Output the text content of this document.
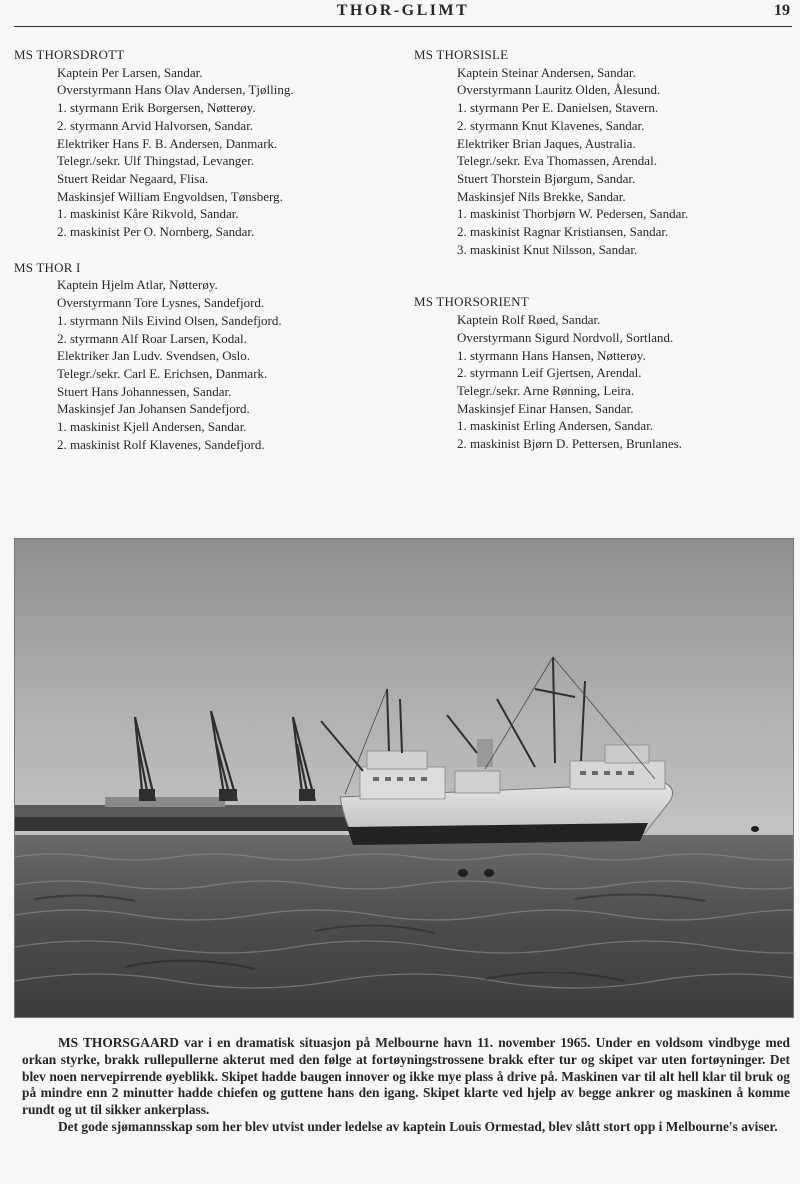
THOR-GLIMT	19
MS THORSDROTT
Kaptein Per Larsen, Sandar.
Overstyrmann Hans Olav Andersen, Tjølling.
1. styrmann Erik Borgersen, Nøtterøy.
2. styrmann Arvid Halvorsen, Sandar.
Elektriker Hans F. B. Andersen, Danmark.
Telegr./sekr. Ulf Thingstad, Levanger.
Stuert Reidar Negaard, Flisa.
Maskinsjef William Engvoldsen, Tønsberg.
1. maskinist Kåre Rikvold, Sandar.
2. maskinist Per O. Nornberg, Sandar.
MS THOR I
Kaptein Hjelm Atlar, Nøtterøy.
Overstyrmann Tore Lysnes, Sandefjord.
1. styrmann Nils Eivind Olsen, Sandefjord.
2. styrmann Alf Roar Larsen, Kodal.
Elektriker Jan Ludv. Svendsen, Oslo.
Telegr./sekr. Carl E. Erichsen, Danmark.
Stuert Hans Johannessen, Sandar.
Maskinsjef Jan Johansen Sandefjord.
1. maskinist Kjell Andersen, Sandar.
2. maskinist Rolf Klavenes, Sandefjord.
MS THORSISLE
Kaptein Steinar Andersen, Sandar.
Overstyrmann Lauritz Olden, Ålesund.
1. styrmann Per E. Danielsen, Stavern.
2. styrmann Knut Klavenes, Sandar.
Elektriker Brian Jaques, Australia.
Telegr./sekr. Eva Thomassen, Arendal.
Stuert Thorstein Bjørgum, Sandar.
Maskinsjef Nils Brekke, Sandar.
1. maskinist Thorbjørn W. Pedersen, Sandar.
2. maskinist Ragnar Kristiansen, Sandar.
3. maskinist Knut Nilsson, Sandar.
MS THORSORIENT
Kaptein Rolf Røed, Sandar.
Overstyrmann Sigurd Nordvoll, Sortland.
1. styrmann Hans Hansen, Nøtterøy.
2. styrmann Leif Gjertsen, Arendal.
Telegr./sekr. Arne Rønning, Leira.
Maskinsjef Einar Hansen, Sandar.
1. maskinist Erling Andersen, Sandar.
2. maskinist Bjørn D. Pettersen, Brunlanes.

MS THORSGAARD var i en dramatisk situasjon på Melbourne havn 11. november 1965. Under en voldsom vindbyge med orkan styrke, brakk rullepullerne akterut med den følge at fortøyningstrossene brakk efter tur og skipet var uten fortøyninger. Det blev noen nervepirrende øyeblikk. Skipet hadde baugen innover og ikke mye plass å drive på. Maskinen var til alt hell klar til bruk og på mindre enn 2 minutter hadde chiefen og guttene hans den igang. Skipet klarte ved hjelp av begge ankrer og maskinen å komme rundt og ut til sikker ankerplass.

Det gode sjømannsskap som her blev utvist under ledelse av kaptein Louis Ormestad, blev slått stort opp i Melbourne's aviser.
